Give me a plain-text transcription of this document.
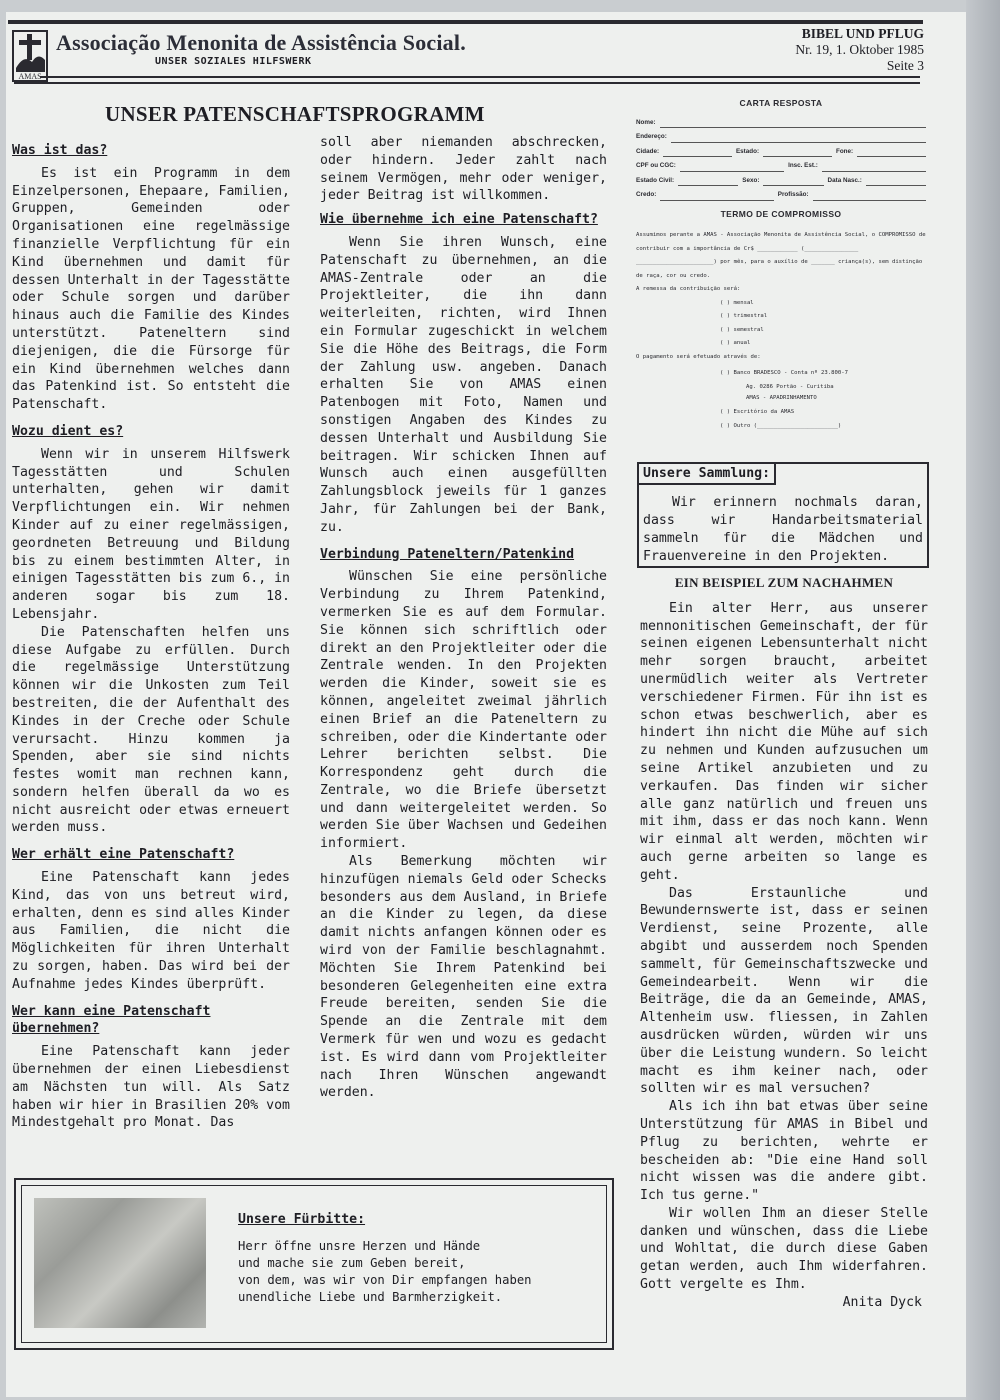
AMAS
Associação Menonita de Assistência Social.
UNSER SOZIALES HILFSWERK
BIBEL UND PFLUG
Nr. 19, 1. Oktober 1985
Seite 3
UNSER PATENSCHAFTSPROGRAMM

Was ist das?

Es ist ein Programm in dem Einzelpersonen, Ehepaare, Familien, Gruppen, Gemeinden oder Organisationen eine regelmässige finanzielle Verpflichtung für ein Kind übernehmen und damit für dessen Unterhalt in der Tagesstätte oder Schule sorgen und darüber hinaus auch die Familie des Kindes unterstützt. Pateneltern sind diejenigen, die die Fürsorge für ein Kind übernehmen welches dann das Patenkind ist. So entsteht die Patenschaft.

Wozu dient es?

Wenn wir in unserem Hilfswerk Tagesstätten und Schulen unterhalten, gehen wir damit Verpflichtungen ein. Wir nehmen Kinder auf zu einer regelmässigen, geordneten Betreuung und Bildung bis zu einem bestimmten Alter, in einigen Tagesstätten bis zum 6., in anderen sogar bis zum 18. Lebensjahr.

Die Patenschaften helfen uns diese Aufgabe zu erfüllen. Durch die regelmässige Unterstützung können wir die Unkosten zum Teil bestreiten, die der Aufenthalt des Kindes in der Creche oder Schule verursacht. Hinzu kommen ja Spenden, aber sie sind nichts festes womit man rechnen kann, sondern helfen überall da wo es nicht ausreicht oder etwas erneuert werden muss.

Wer erhält eine Patenschaft?

Eine Patenschaft kann jedes Kind, das von uns betreut wird, erhalten, denn es sind alles Kinder aus Familien, die nicht die Möglichkeiten für ihren Unterhalt zu sorgen, haben. Das wird bei der Aufnahme jedes Kindes überprüft.

Wer kann eine Patenschaft übernehmen?

Eine Patenschaft kann jeder übernehmen der einen Liebesdienst am Nächsten tun will. Als Satz haben wir hier in Brasilien 20% vom Mindestgehalt pro Monat. Das

soll aber niemanden abschrecken, oder hindern. Jeder zahlt nach seinem Vermögen, mehr oder weniger, jeder Beitrag ist willkommen.

Wie übernehme ich eine Patenschaft?

Wenn Sie ihren Wunsch, eine Patenschaft zu übernehmen, an die AMAS-Zentrale oder an die Projektleiter, die ihn dann weiterleiten, richten, wird Ihnen ein Formular zugeschickt in welchem Sie die Höhe des Beitrags, die Form der Zahlung usw. angeben. Danach erhalten Sie von AMAS einen Patenbogen mit Foto, Namen und sonstigen Angaben des Kindes zu dessen Unterhalt und Ausbildung Sie beitragen. Wir schicken Ihnen auf Wunsch auch einen ausgefüllten Zahlungsblock jeweils für 1 ganzes Jahr, für Zahlungen bei der Bank, zu.

Verbindung Pateneltern/Patenkind

Wünschen Sie eine persönliche Verbindung zu Ihrem Patenkind, vermerken Sie es auf dem Formular. Sie können sich schriftlich oder direkt an den Projektleiter oder die Zentrale wenden. In den Projekten werden die Kinder, soweit sie es können, angeleitet zweimal jährlich einen Brief an die Pateneltern zu schreiben, oder die Kindertante oder Lehrer berichten selbst. Die Korrespondenz geht durch die Zentrale, wo die Briefe übersetzt und dann weitergeleitet werden. So werden Sie über Wachsen und Gedeihen informiert.

Als Bemerkung möchten wir hinzufügen niemals Geld oder Schecks besonders aus dem Ausland, in Briefe an die Kinder zu legen, da diese damit nichts anfangen können oder es wird von der Familie beschlagnahmt. Möchten Sie Ihrem Patenkind bei besonderen Gelegenheiten eine extra Freude bereiten, senden Sie die Spende an die Zentrale mit dem Vermerk für wen und wozu es gedacht ist. Es wird dann vom Projektleiter nach Ihren Wünschen angewandt werden.

CARTA RESPOSTA
Nome:
Endereço:
Cidade:	Estado:	Fone:
CPF ou CGC:	Insc. Est.:
Estado Civil:	Sexo:	Data Nasc.:
Credo:	Profissão:
TERMO DE COMPROMISSO

Assumimos perante a AMAS - Associação Menonita de Assistência Social, o COMPROMISSO de contribuir com a importância de Cr$ ____________ (________________

_______________________) por mês, para o auxílio de _______ criança(s), sem distinção de raça, cor ou credo.

A remessa da contribuição será:

( ) mensal

( ) trimestral

( ) semestral

( ) anual

O pagamento será efetuado através de:

( ) Banco BRADESCO - Conta nº 23.800-7

Ag. 0286 Portão - Curitiba

AMAS - APADRINHAMENTO

( ) Escritório da AMAS

( ) Outro (________________________)

Unsere Sammlung:
Wir erinnern nochmals daran, dass wir Handarbeitsmaterial sammeln für die Mädchen und Frauenvereine in den Projekten.

EIN BEISPIEL ZUM NACHAHMEN

Ein alter Herr, aus unserer mennonitischen Gemeinschaft, der für seinen eigenen Lebensunterhalt nicht mehr sorgen braucht, arbeitet unermüdlich weiter als Vertreter verschiedener Firmen. Für ihn ist es schon etwas beschwerlich, aber es hindert ihn nicht die Mühe auf sich zu nehmen und Kunden aufzusuchen um seine Artikel anzubieten und zu verkaufen. Das finden wir sicher alle ganz natürlich und freuen uns mit ihm, dass er das noch kann. Wenn wir einmal alt werden, möchten wir auch gerne arbeiten so lange es geht.

Das Erstaunliche und Bewundernswerte ist, dass er seinen Verdienst, seine Prozente, alle abgibt und ausserdem noch Spenden sammelt, für Gemeinschaftszwecke und Gemeindearbeit. Wenn wir die Beiträge, die da an Gemeinde, AMAS, Altenheim usw. fliessen, in Zahlen ausdrücken würden, würden wir uns über die Leistung wundern. So leicht macht es ihm keiner nach, oder sollten wir es mal versuchen?

Als ich ihn bat etwas über seine Unterstützung für AMAS in Bibel und Pflug zu berichten, wehrte er bescheiden ab: "Die eine Hand soll nicht wissen was die andere gibt. Ich tus gerne."

Wir wollen Ihm an dieser Stelle danken und wünschen, dass die Liebe und Wohltat, die durch diese Gaben getan werden, auch Ihm widerfahren. Gott vergelte es Ihm.

Anita Dyck

Unsere Fürbitte:

Herr öffne unsre Herzen und Hände

und mache sie zum Geben bereit,

von dem, was wir von Dir empfangen haben

unendliche Liebe und Barmherzigkeit.
